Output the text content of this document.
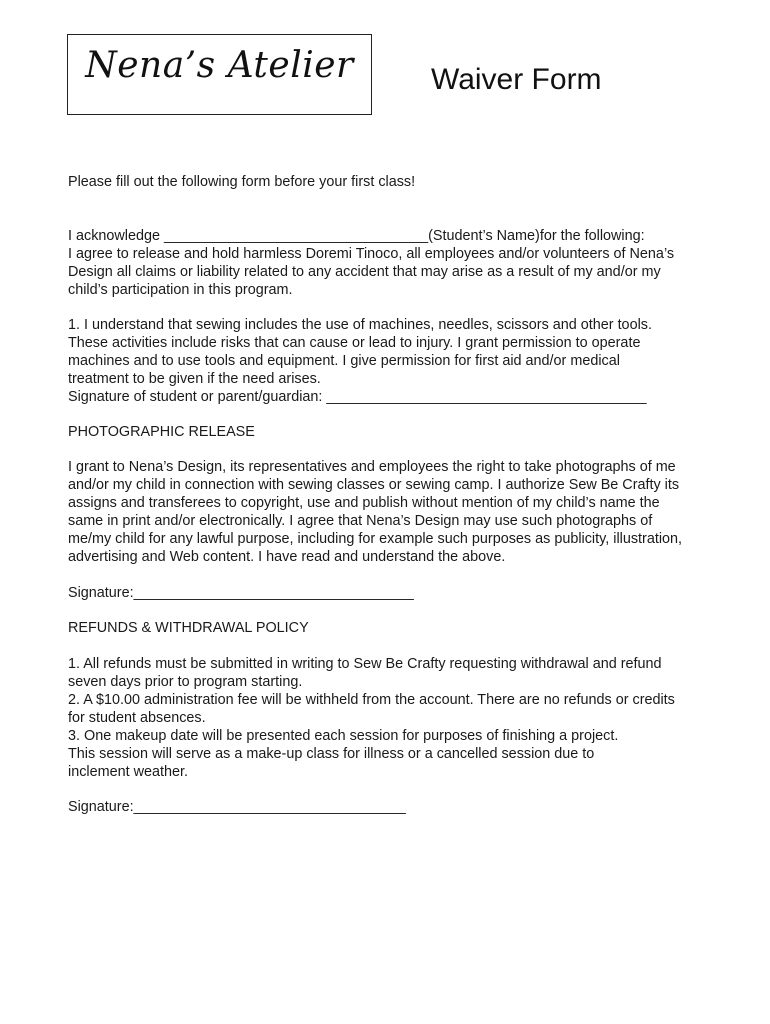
Nena’s Atelier	Waiver Form
Please fill out the following form before your first class!
I acknowledge _________________________________(Student’s Name)for the following:
I agree to release and hold harmless Doremi Tinoco, all employees and/or volunteers of Nena’s
Design all claims or liability related to any accident that may arise as a result of my and/or my
child’s participation in this program.
1. I understand that sewing includes the use of machines, needles, scissors and other tools.
These activities include risks that can cause or lead to injury. I grant permission to operate
machines and to use tools and equipment. I give permission for first aid and/or medical
treatment to be given if the need arises.
Signature of student or parent/guardian: ________________________________________
PHOTOGRAPHIC RELEASE
I grant to Nena’s Design, its representatives and employees the right to take photographs of me
and/or my child in connection with sewing classes or sewing camp. I authorize Sew Be Crafty its
assigns and transferees to copyright, use and publish without mention of my child’s name the
same in print and/or electronically. I agree that Nena’s Design may use such photographs of
me/my child for any lawful purpose, including for example such purposes as publicity, illustration,
advertising and Web content. I have read and understand the above.
Signature:___________________________________
REFUNDS & WITHDRAWAL POLICY
1. All refunds must be submitted in writing to Sew Be Crafty requesting withdrawal and refund
seven days prior to program starting.
2. A $10.00 administration fee will be withheld from the account. There are no refunds or credits
for student absences.
3. One makeup date will be presented each session for purposes of finishing a project.
This session will serve as a make-up class for illness or a cancelled session due to
inclement weather.
Signature:__________________________________
